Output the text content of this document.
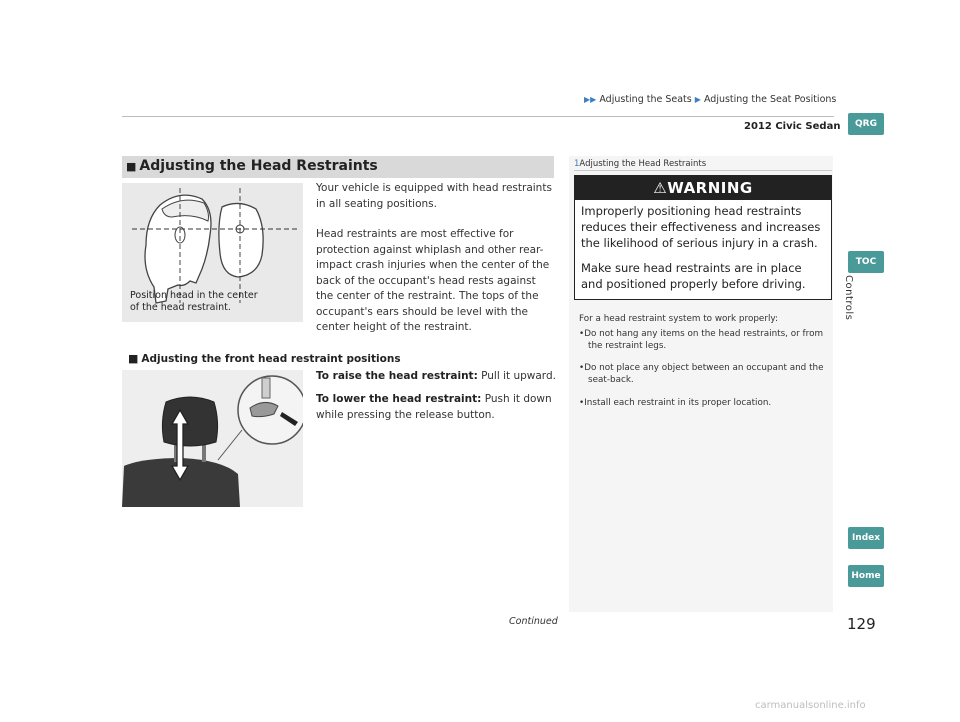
▶▶ Adjusting the Seats ▶ Adjusting the Seat Positions
2012 Civic Sedan	QRG
TOC
Controls
Index
Home
■ Adjusting the Head Restraints
Position head in the center
of the head restraint.
Your vehicle is equipped with head restraints in all seating positions.
Head restraints are most effective for protection against whiplash and other rear-impact crash injuries when the center of the back of the occupant's head rests against the center of the restraint. The tops of the occupant's ears should be level with the center height of the restraint.
■ Adjusting the front head restraint positions
To raise the head restraint: Pull it upward.
To lower the head restraint: Push it down while pressing the release button.
1Adjusting the Head Restraints
⚠WARNING
Improperly positioning head restraints reduces their effectiveness and increases the likelihood of serious injury in a crash.
Make sure head restraints are in place and positioned properly before driving.
For a head restraint system to work properly:
•Do not hang any items on the head restraints, or from the restraint legs.
•Do not place any object between an occupant and the seat-back.
•Install each restraint in its proper location.
Continued	129
carmanualsonline.info
